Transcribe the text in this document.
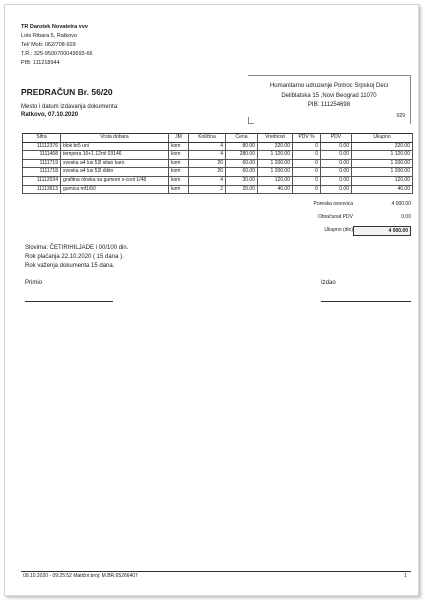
TR Darotek Novatetra vvv
Lole Ribara 5, Ratkovo
Tel/ Mob: 062/708-929
T.R.: 325-9500700043693-66
PIB: 111218944
PREDRAČUN Br. 56/20
Mesto i datum izdavanja dokumenta:
Ratkovo, 07.10.2020
Humanitarno udruzenje Pomoc Srpskoj Deci
Deliblatska 15 ,Novi Beograd 11070
PIB: 111254698
029
Šifra	Vrsta dobara	JM	Količina	Cena	Vrednost	PDV %	PDV	Ukupno
11112376	blok br5 uni	kom	4	80.00	320.00	0	0.00	320.00
1111468	tempera 10+1 12ml 03146	kom	4	280.00	1 120.00	0	0.00	1 120.00
1111719	sveska a4 lux 52l sitan karo	kom	20	60.00	1 200.00	0	0.00	1 200.00
1111718	sveska a4 lux 52l dikto	kom	20	60.00	1 200.00	0	0.00	1 200.00
11112034	grafitna olovka sa gumom s-cool 1/48	kom	4	30.00	120.00	0	0.00	120.00
11113613	gumica mf1/60	kom	2	20.00	40.00	0	0.00	40.00
Poreska osnovica	4 000.00
Obračunat PDV	0.00
Ukupno (din)	4 000.00
Slovima: ČETIRIHILJADE i 00/100 din.
Rok plaćanja 22.10.2020 ( 15 dana ).
Rok važenja dokumenta 15 dana.
Primio	Izdao
09.10.2020 - 09:25:52 Matični broj: M.BR.65266407	1
